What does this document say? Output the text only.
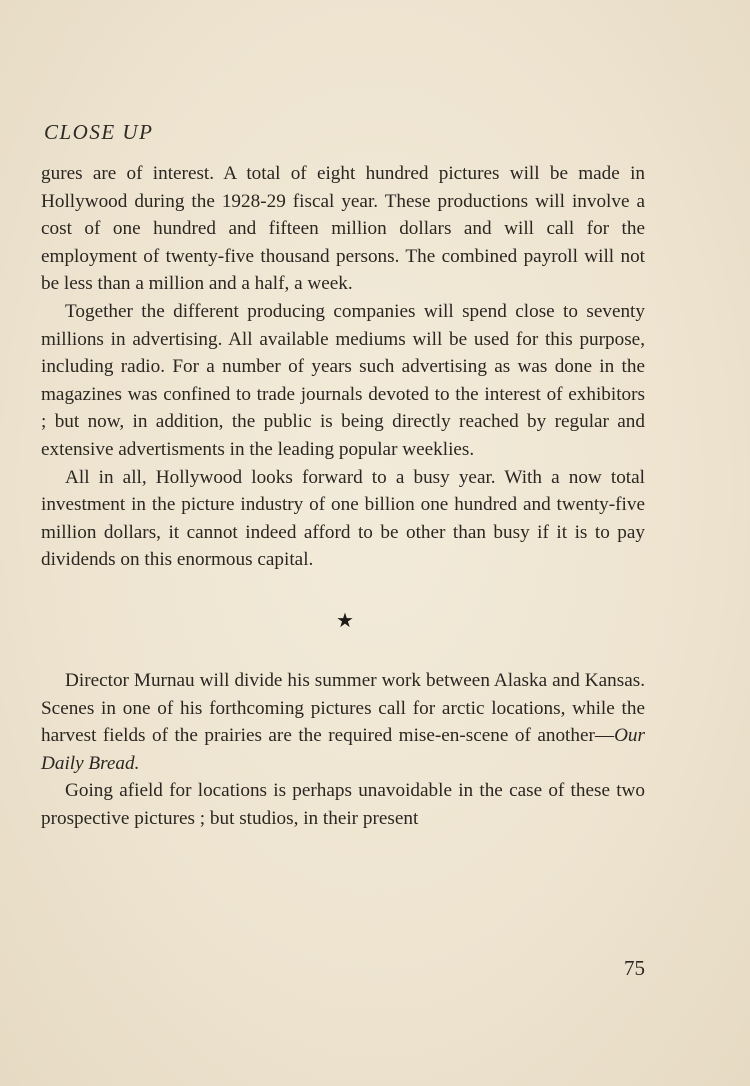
CLOSE UP

gures are of interest. A total of eight hundred pictures will be made in Hollywood during the 1928-29 fiscal year. These productions will involve a cost of one hundred and fifteen million dollars and will call for the employment of twenty-five thousand persons. The combined payroll will not be less than a million and a half, a week.

Together the different producing companies will spend close to seventy millions in advertising. All available mediums will be used for this purpose, including radio. For a number of years such advertising as was done in the magazines was confined to trade journals devoted to the interest of exhibitors ; but now, in addition, the public is being directly reached by regular and extensive advertisments in the leading popular weeklies.

All in all, Hollywood looks forward to a busy year. With a now total investment in the picture industry of one billion one hundred and twenty-five million dollars, it cannot indeed afford to be other than busy if it is to pay dividends on this enormous capital.

★

Director Murnau will divide his summer work between Alaska and Kansas. Scenes in one of his forthcoming pictures call for arctic locations, while the harvest fields of the prairies are the required mise-en-scene of another—Our Daily Bread.

Going afield for locations is perhaps unavoidable in the case of these two prospective pictures ; but studios, in their present

75
